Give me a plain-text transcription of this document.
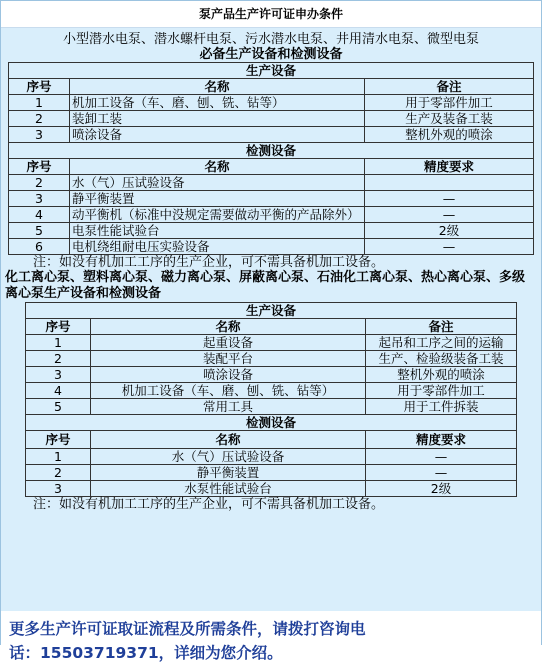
泵产品生产许可证申办条件
小型潜水电泵、潜水螺杆电泵、污水潜水电泵、井用清水电泵、微型电泵
必备生产设备和检测设备
生产设备		
序号	名称	备注
1	机加工设备（车、磨、刨、铣、钻等）	用于零部件加工
2	装卸工装	生产及装备工装
3	喷涂设备	整机外观的喷涂
检测设备		
序号	名称	精度要求
2	水（气）压试验设备	
3	静平衡装置	—
4	动平衡机（标准中没规定需要做动平衡的产品除外）	—
5	电泵性能试验台	2级
6	电机绕组耐电压实验设备	—
注：如没有机加工工序的生产企业，可不需具备机加工设备。
化工离心泵、塑料离心泵、磁力离心泵、屏蔽离心泵、石油化工离心泵、热心离心泵、多级离心泵生产设备和检测设备
生产设备		
序号	名称	备注
1	起重设备	起吊和工序之间的运输
2	装配平台	生产、检验级装备工装
3	喷涂设备	整机外观的喷涂
4	机加工设备（车、磨、刨、铣、钻等）	用于零部件加工
5	常用工具	用于工件拆装
检测设备		
序号	名称	精度要求
1	水（气）压试验设备	—
2	静平衡装置	—
3	水泵性能试验台	2级
注：如没有机加工工序的生产企业，可不需具备机加工设备。
更多生产许可证取证流程及所需条件，请拨打咨询电
话：15503719371，详细为您介绍。
